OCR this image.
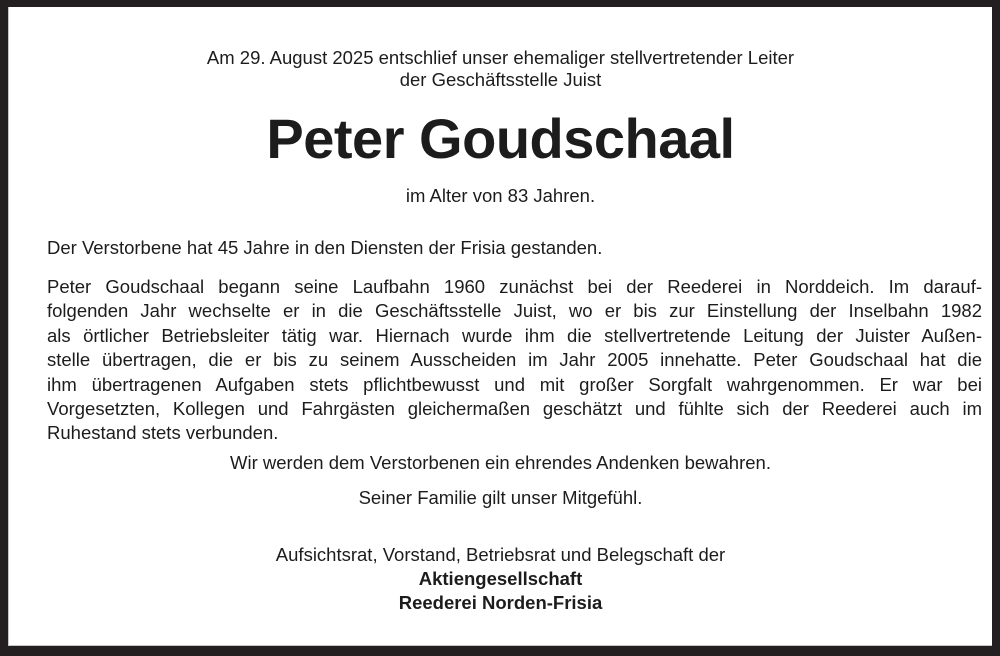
Am 29. August 2025 entschlief unser ehemaliger stellvertretender Leiter
der Geschäftsstelle Juist
Peter Goudschaal
im Alter von 83 Jahren.
Der Verstorbene hat 45 Jahre in den Diensten der Frisia gestanden.
Peter Goudschaal begann seine Laufbahn 1960 zunächst bei der Reederei in Norddeich. Im darauf-
folgenden Jahr wechselte er in die Geschäftsstelle Juist, wo er bis zur Einstellung der Inselbahn 1982
als örtlicher Betriebsleiter tätig war. Hiernach wurde ihm die stellvertretende Leitung der Juister Außen-
stelle übertragen, die er bis zu seinem Ausscheiden im Jahr 2005 innehatte. Peter Goudschaal hat die
ihm übertragenen Aufgaben stets pflichtbewusst und mit großer Sorgfalt wahrgenommen. Er war bei
Vorgesetzten, Kollegen und Fahrgästen gleichermaßen geschätzt und fühlte sich der Reederei auch im
Ruhestand stets verbunden.
Wir werden dem Verstorbenen ein ehrendes Andenken bewahren.
Seiner Familie gilt unser Mitgefühl.
Aufsichtsrat, Vorstand, Betriebsrat und Belegschaft der
Aktiengesellschaft
Reederei Norden-Frisia
